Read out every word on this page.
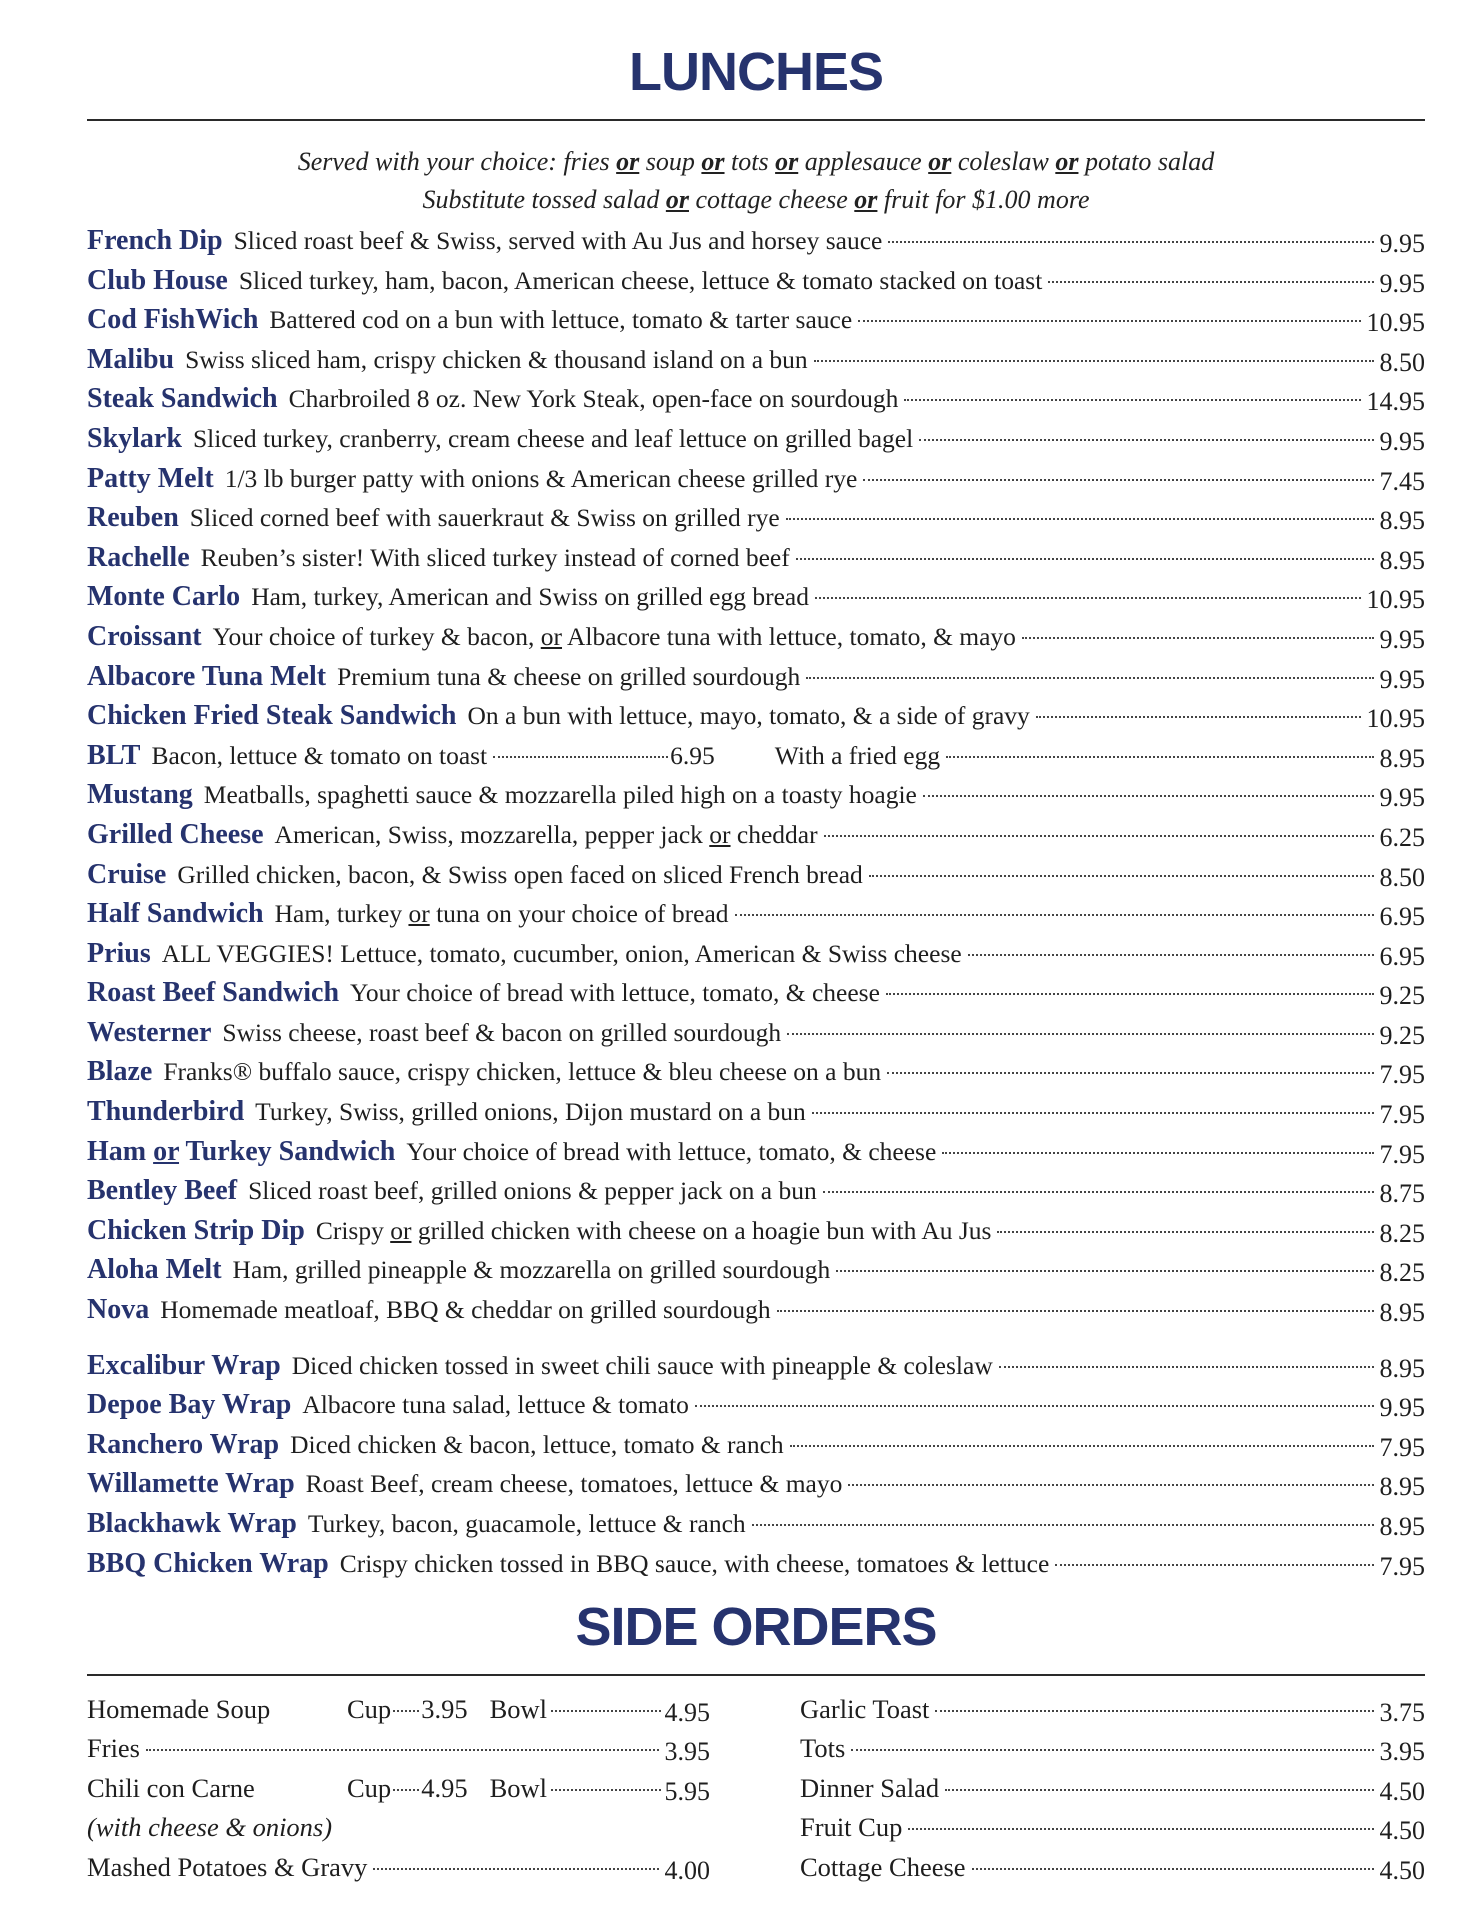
LUNCHES
Served with your choice: fries or soup or tots or applesauce or coleslaw or potato salad
Substitute tossed salad or cottage cheese or fruit for $1.00 more
French Dip Sliced roast beef & Swiss, served with Au Jus and horsey sauce	9.95
Club House Sliced turkey, ham, bacon, American cheese, lettuce & tomato stacked on toast	9.95
Cod FishWich Battered cod on a bun with lettuce, tomato & tarter sauce	10.95
Malibu Swiss sliced ham, crispy chicken & thousand island on a bun	8.50
Steak Sandwich Charbroiled 8 oz. New York Steak, open-face on sourdough	14.95
Skylark Sliced turkey, cranberry, cream cheese and leaf lettuce on grilled bagel	9.95
Patty Melt 1/3 lb burger patty with onions & American cheese grilled rye	7.45
Reuben Sliced corned beef with sauerkraut & Swiss on grilled rye	8.95
Rachelle Reuben’s sister! With sliced turkey instead of corned beef	8.95
Monte Carlo Ham, turkey, American and Swiss on grilled egg bread	10.95
Croissant Your choice of turkey & bacon, or Albacore tuna with lettuce, tomato, & mayo	9.95
Albacore Tuna Melt Premium tuna & cheese on grilled sourdough	9.95
Chicken Fried Steak Sandwich On a bun with lettuce, mayo, tomato, & a side of gravy	10.95
BLT Bacon, lettuce & tomato on toast	6.95 With a fried egg	8.95
Mustang Meatballs, spaghetti sauce & mozzarella piled high on a toasty hoagie	9.95
Grilled Cheese American, Swiss, mozzarella, pepper jack or cheddar	6.25
Cruise Grilled chicken, bacon, & Swiss open faced on sliced French bread	8.50
Half Sandwich Ham, turkey or tuna on your choice of bread	6.95
Prius ALL VEGGIES! Lettuce, tomato, cucumber, onion, American & Swiss cheese	6.95
Roast Beef Sandwich Your choice of bread with lettuce, tomato, & cheese	9.25
Westerner Swiss cheese, roast beef & bacon on grilled sourdough	9.25
Blaze Franks® buffalo sauce, crispy chicken, lettuce & bleu cheese on a bun	7.95
Thunderbird Turkey, Swiss, grilled onions, Dijon mustard on a bun	7.95
Ham or Turkey Sandwich Your choice of bread with lettuce, tomato, & cheese	7.95
Bentley Beef Sliced roast beef, grilled onions & pepper jack on a bun	8.75
Chicken Strip Dip Crispy or grilled chicken with cheese on a hoagie bun with Au Jus	8.25
Aloha Melt Ham, grilled pineapple & mozzarella on grilled sourdough	8.25
Nova Homemade meatloaf, BBQ & cheddar on grilled sourdough	8.95
Excalibur Wrap Diced chicken tossed in sweet chili sauce with pineapple & coleslaw	8.95
Depoe Bay Wrap Albacore tuna salad, lettuce & tomato	9.95
Ranchero Wrap Diced chicken & bacon, lettuce, tomato & ranch	7.95
Willamette Wrap Roast Beef, cream cheese, tomatoes, lettuce & mayo	8.95
Blackhawk Wrap Turkey, bacon, guacamole, lettuce & ranch	8.95
BBQ Chicken Wrap Crispy chicken tossed in BBQ sauce, with cheese, tomatoes & lettuce	7.95
SIDE ORDERS
Homemade Soup	Cup 3.95 Bowl	4.95
Fries	3.95
Chili con Carne	Cup 4.95 Bowl	5.95
(with cheese & onions)
Mashed Potatoes & Gravy	4.00
Garlic Toast	3.75
Tots	3.95
Dinner Salad	4.50
Fruit Cup	4.50
Cottage Cheese	4.50
